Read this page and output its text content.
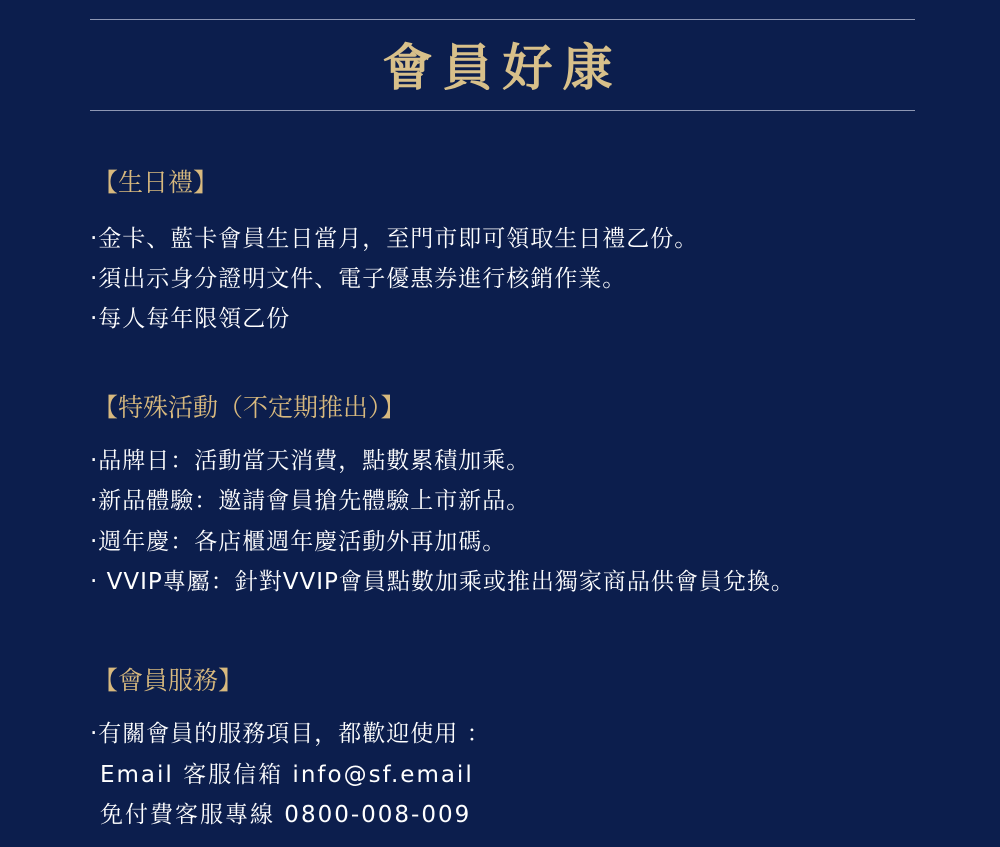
會員好康
【生日禮】
‧金卡、藍卡會員生日當月，至門市即可領取生日禮乙份。
‧須出示身分證明文件、電子優惠券進行核銷作業。
‧每人每年限領乙份
【特殊活動（不定期推出）】
‧品牌日：活動當天消費，點數累積加乘。
‧新品體驗：邀請會員搶先體驗上市新品。
‧週年慶：各店櫃週年慶活動外再加碼。
‧ VVIP專屬：針對VVIP會員點數加乘或推出獨家商品供會員兌換。
【會員服務】
‧有關會員的服務項目，都歡迎使用 ：
Email 客服信箱 info@sf.email
免付費客服專線 0800-008-009
